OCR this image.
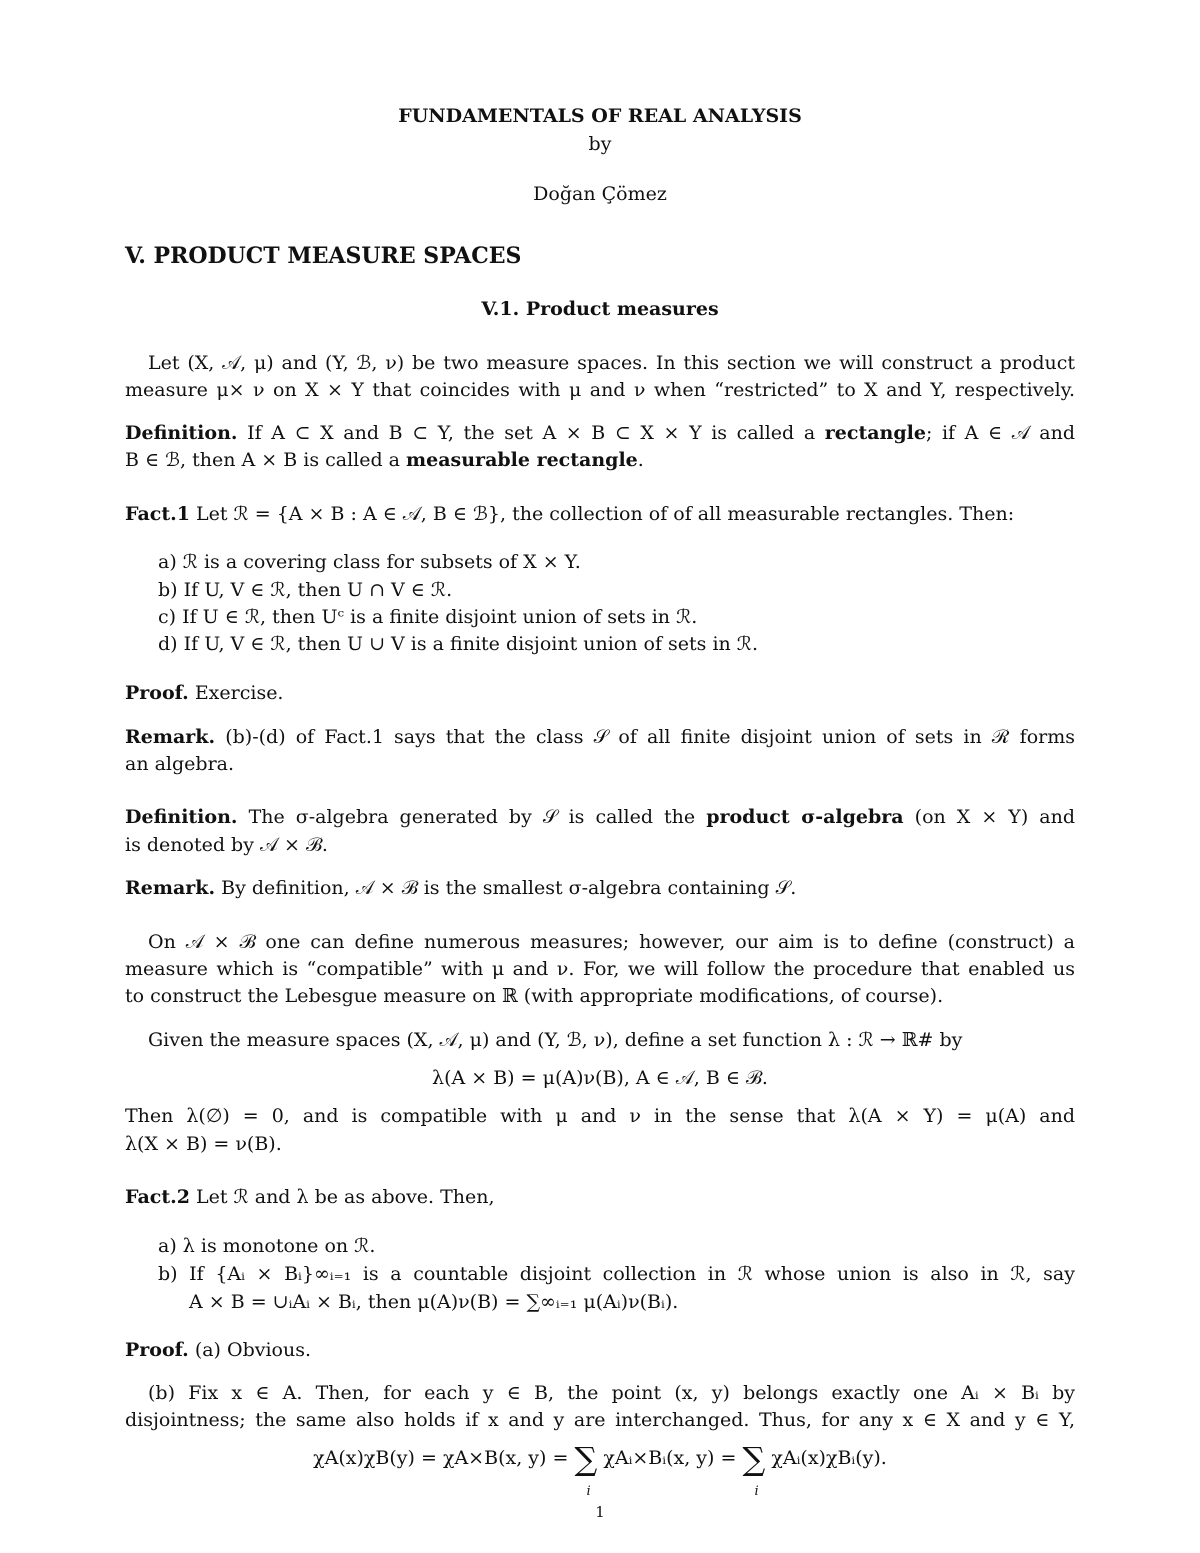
FUNDAMENTALS OF REAL ANALYSIS
by
Doğan Çömez
V. PRODUCT MEASURE SPACES
V.1. Product measures
Let (X, 𝒜, μ) and (Y, ℬ, ν) be two measure spaces. In this section we will construct a product
measure μ× ν on X × Y that coincides with μ and ν when “restricted” to X and Y, respectively.
Definition. If A ⊂ X and B ⊂ Y, the set A × B ⊂ X × Y is called a rectangle; if A ∈ 𝒜 and
B ∈ ℬ, then A × B is called a measurable rectangle.
Fact.1 Let ℛ = {A × B : A ∈ 𝒜, B ∈ ℬ}, the collection of of all measurable rectangles. Then:
a) ℛ is a covering class for subsets of X × Y.
b) If U, V ∈ ℛ, then U ∩ V ∈ ℛ.
c) If U ∈ ℛ, then Uᶜ is a finite disjoint union of sets in ℛ.
d) If U, V ∈ ℛ, then U ∪ V is a finite disjoint union of sets in ℛ.
Proof. Exercise.
Remark. (b)-(d) of Fact.1 says that the class 𝒮 of all finite disjoint union of sets in ℛ forms
an algebra.
Definition. The σ-algebra generated by 𝒮 is called the product σ-algebra (on X × Y) and
is denoted by 𝒜 × ℬ.
Remark. By definition, 𝒜 × ℬ is the smallest σ-algebra containing 𝒮.
On 𝒜 × ℬ one can define numerous measures; however, our aim is to define (construct) a
measure which is “compatible” with μ and ν. For, we will follow the procedure that enabled us
to construct the Lebesgue measure on ℝ (with appropriate modifications, of course).
Given the measure spaces (X, 𝒜, μ) and (Y, ℬ, ν), define a set function λ : ℛ → ℝ# by
λ(A × B) = μ(A)ν(B), A ∈ 𝒜, B ∈ ℬ.
Then λ(∅) = 0, and is compatible with μ and ν in the sense that λ(A × Y) = μ(A) and
λ(X × B) = ν(B).
Fact.2 Let ℛ and λ be as above. Then,
a) λ is monotone on ℛ.
b) If {Aᵢ × Bᵢ}∞ᵢ₌₁ is a countable disjoint collection in ℛ whose union is also in ℛ, say
A × B = ∪ᵢAᵢ × Bᵢ, then μ(A)ν(B) = ∑∞ᵢ₌₁ μ(Aᵢ)ν(Bᵢ).
Proof. (a) Obvious.
(b) Fix x ∈ A. Then, for each y ∈ B, the point (x, y) belongs exactly one Aᵢ × Bᵢ by
disjointness; the same also holds if x and y are interchanged. Thus, for any x ∈ X and y ∈ Y,
χA(x)χB(y) = χA×B(x, y) = ∑
i
χAᵢ×Bᵢ(x, y) = ∑
i
χAᵢ(x)χBᵢ(y).
1
